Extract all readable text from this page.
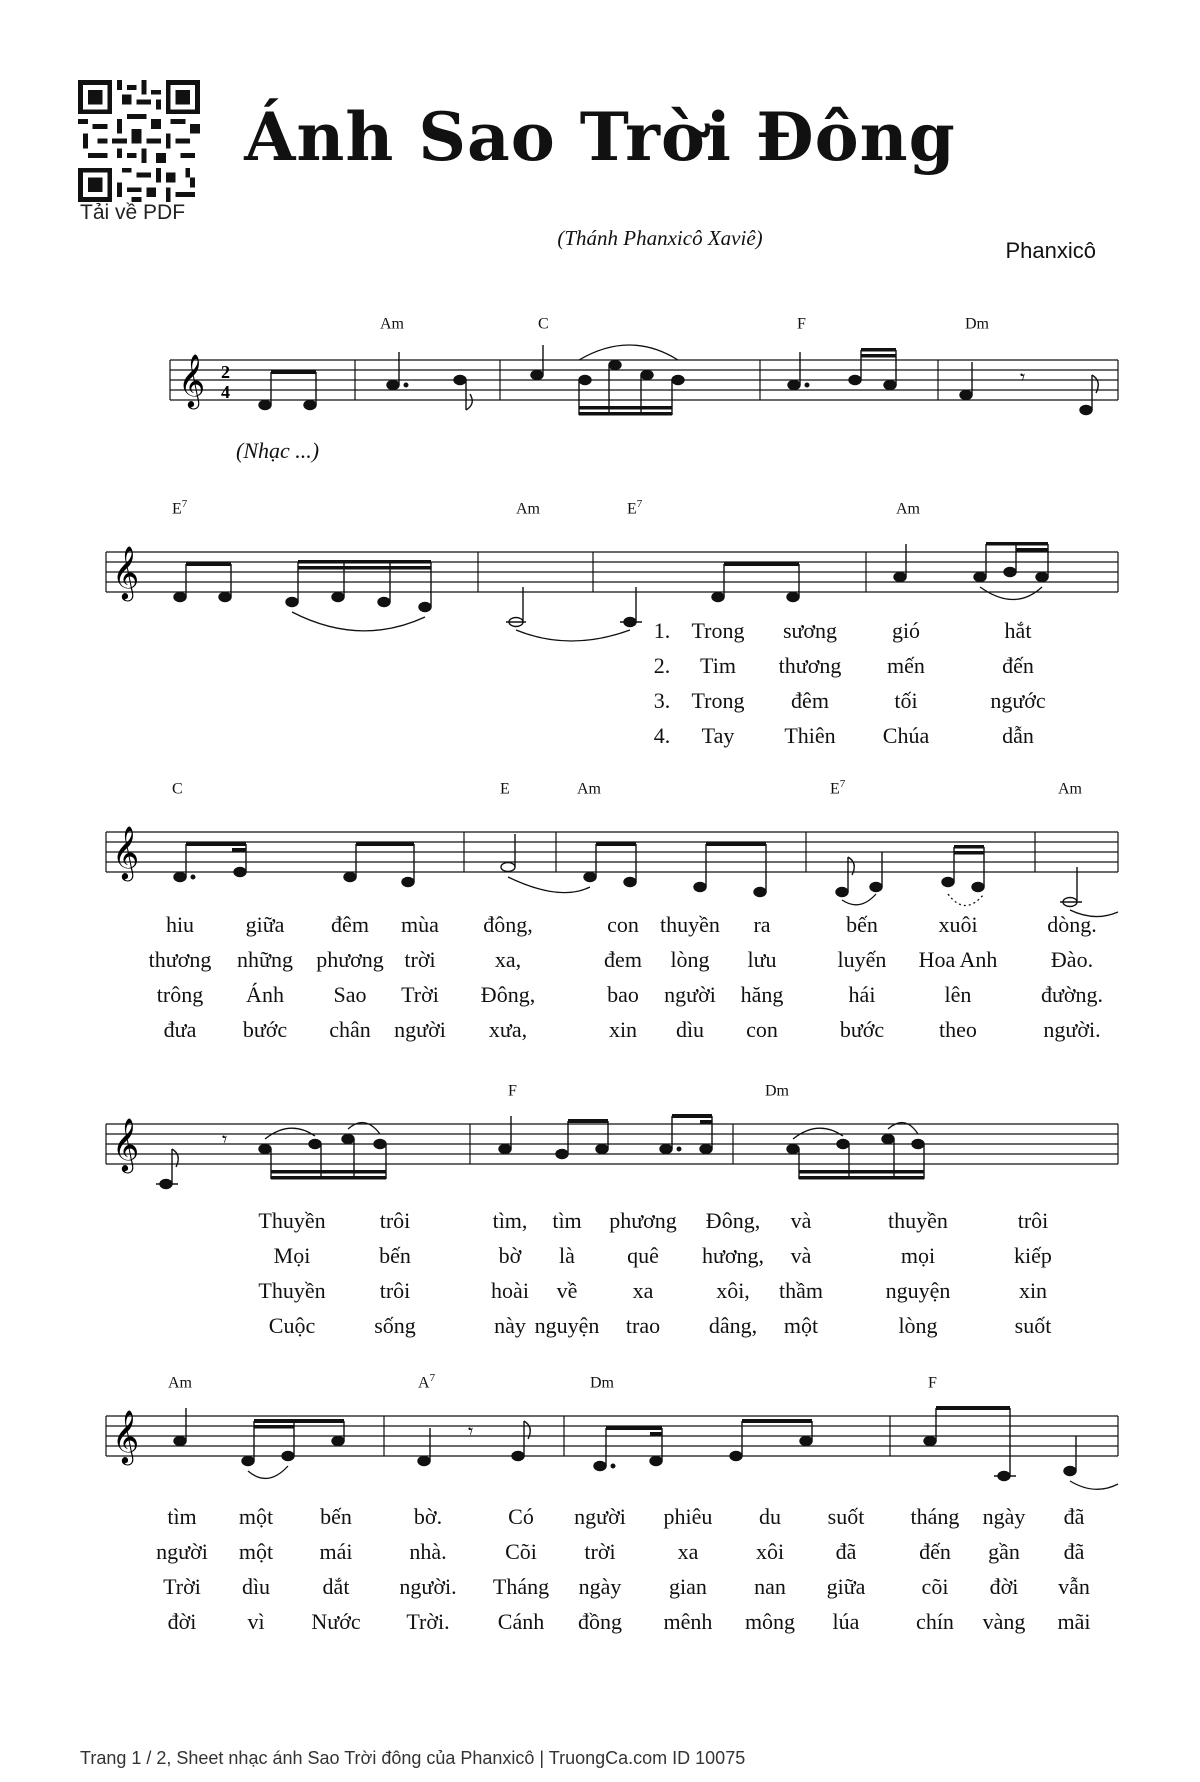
Tải về PDF
Ánh Sao Trời Đông
(Thánh Phanxicô Xaviê)	Phanxicô
𝄞 2
4
𝄾
Am	C	F	Dm
(Nhạc ...)
𝄞
$E^7$	Am	$E^7$	Am
1. Trong sương gió	hắt
2. Tim thương mến	đến
3. Trong đêm	tối	ngước
4. Tay Thiên Chúa	dẫn
𝄞
C	E	Am	$E^7$	Am
hiu giữa đêm mùa đông,	con thuyền ra	bến	xuôi	dòng.
thương những phương trời	xa,	đem lòng lưu	luyến Hoa Anh Đào.
trông Ánh Sao Trời Đông,	bao người hăng	hái	lên	đường.
đưa bước chân người xưa,	xin dìu con	bước theo	người.
𝄞	𝄾
F	Dm
Thuyền trôi	tìm, tìm phương Đông, và	thuyền	trôi
Mọi	bến	bờ là quê hương, và	mọi	kiếp
Thuyền trôi	hoài về	xa	xôi, thầm	nguyện	xin
Cuộc	sống	này nguyện trao dâng, một	lòng	suốt
𝄞	𝄾
Am	$A^7$	Dm	F
tìm một bến	bờ.	Có người phiêu du suốt tháng ngày đã
người một mái	nhà.	Cõi trời	xa	xôi đã	đến gần đã
Trời dìu dắt người. Tháng ngày gian nan giữa	cõi đời vẫn
đời vì Nước Trời. Cánh đồng mênh mông lúa	chín vàng mãi
Trang 1 / 2, Sheet nhạc ánh Sao Trời đông của Phanxicô | TruongCa.com ID 10075
